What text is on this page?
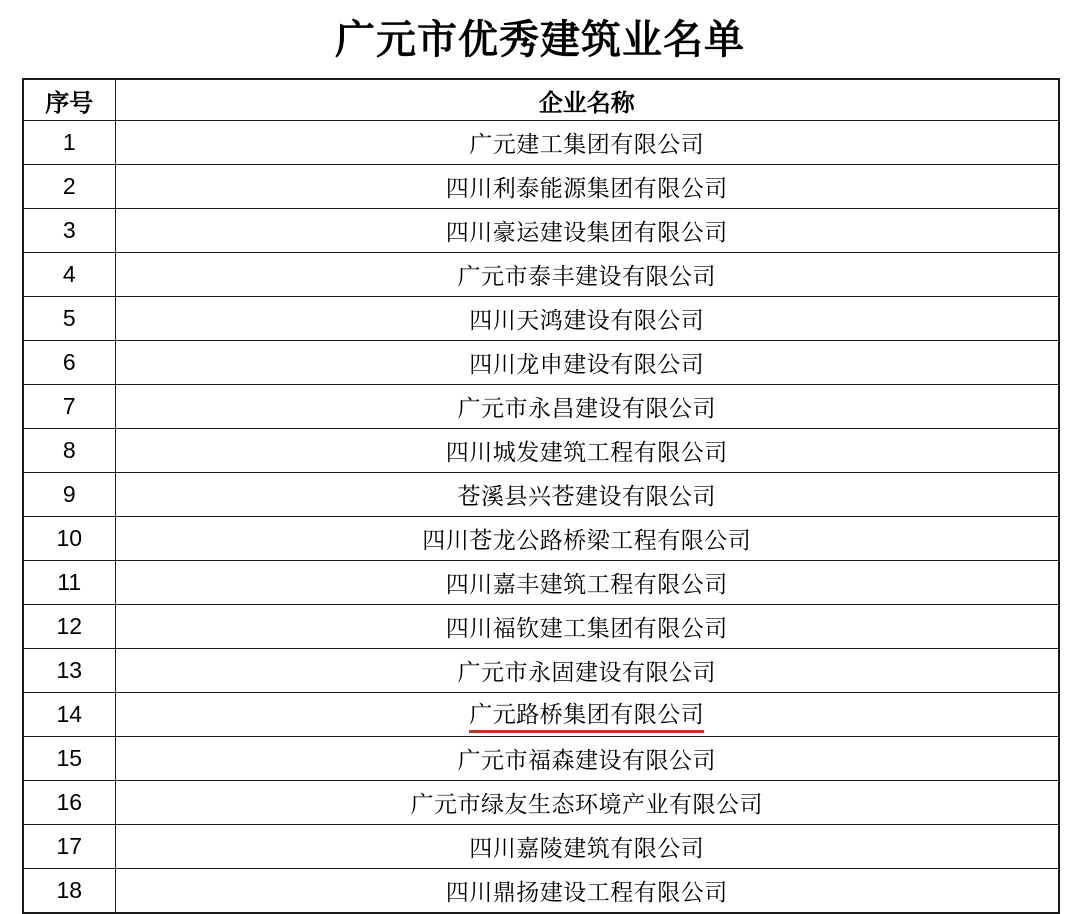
广元市优秀建筑业名单
序号	企业名称
1	广元建工集团有限公司
2	四川利泰能源集团有限公司
3	四川豪运建设集团有限公司
4	广元市泰丰建设有限公司
5	四川天鸿建设有限公司
6	四川龙申建设有限公司
7	广元市永昌建设有限公司
8	四川城发建筑工程有限公司
9	苍溪县兴苍建设有限公司
10	四川苍龙公路桥梁工程有限公司
11	四川嘉丰建筑工程有限公司
12	四川福钦建工集团有限公司
13	广元市永固建设有限公司
14	广元路桥集团有限公司
15	广元市福森建设有限公司
16	广元市绿友生态环境产业有限公司
17	四川嘉陵建筑有限公司
18	四川鼎扬建设工程有限公司
